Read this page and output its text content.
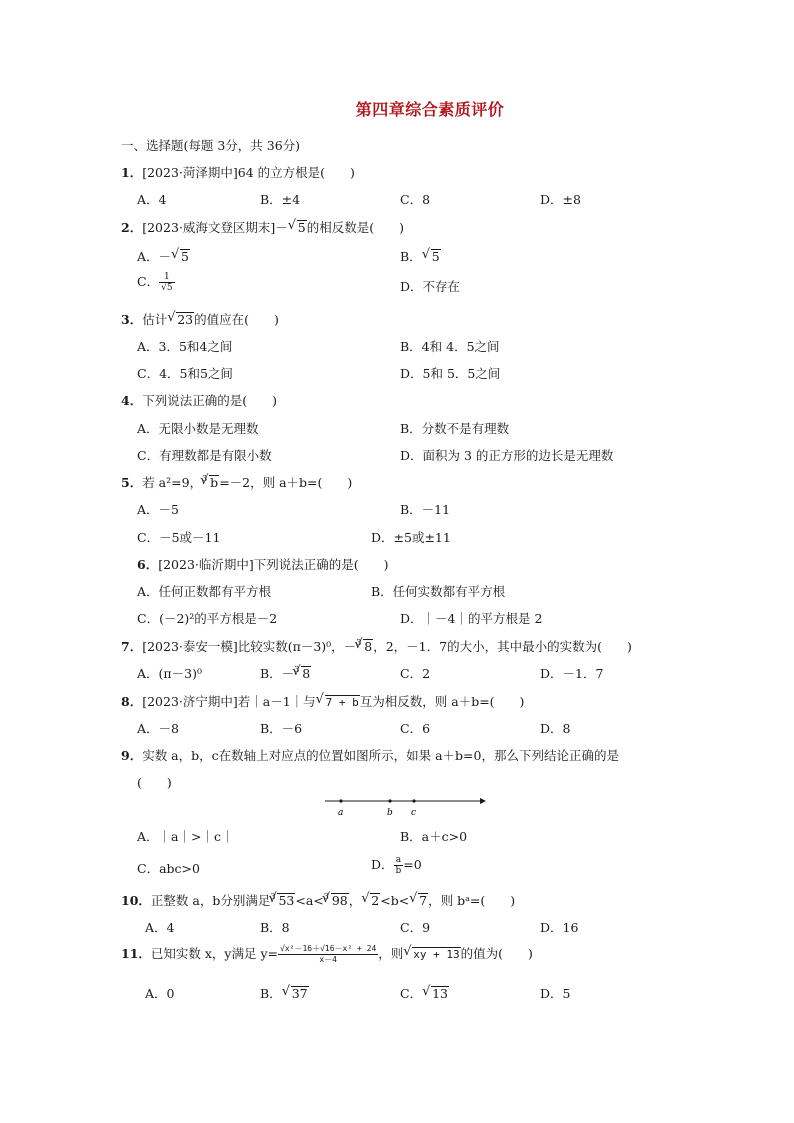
第四章综合素质评价
一、选择题(每题 3分，共 36分)
1．[2023·菏泽期中]64 的立方根是(　　)
A．4	B．±4	C．8	D．±8
2．[2023·威海文登区期末]－ √ 5的相反数是(　　)
A．－ √ 5	B． √ 5
C． $\frac{1}{√5}$	D．不存在
3．估计 √ 23的值应在(　　)
A．3．5和4之间	B．4和 4．5之间
C．4．5和5之间	D．5和 5．5之间
4．下列说法正确的是(　　)
A．无限小数是无理数	B．分数不是有理数
C．有理数都是有限小数	D．面积为 3 的正方形的边长是无理数
5．若 a²=9，$^3$ √ b=－2，则 a＋b=(　　)
A．－5	B．－11
C．－5或－11	D．±5或±11
6．[2023·临沂期中]下列说法正确的是(　　)
A．任何正数都有平方根	B．任何实数都有平方根
C．(－2)²的平方根是－2	D．｜－4｜的平方根是 2
7．[2023·泰安一模]比较实数(π－3)⁰，－$^3$ √ 8，2，－1．7的大小，其中最小的实数为(　　)
A．(π－3)⁰	B．－$^3$ √ 8	C．2	D．－1．7
8．[2023·济宁期中]若｜a－1｜与 √ 7 + b互为相反数，则 a＋b=(　　)
A．－8	B．－6	C．6	D．8
9．实数 a，b，c在数轴上对应点的位置如图所示，如果 a＋b=0，那么下列结论正确的是
(　　)
a	b c
A．｜a｜>｜c｜	B．a＋c>0
C．abc>0	D． $\frac{a}{b} =0$
10．正整数 a，b分别满足$^3$ √ 53<a<$^3$ √ 98， √ 2<b< √ 7，则 bᵃ=(　　)
A．4	B．8	C．9	D．16
11．已知实数 x，y满足 $y= \frac{\text{√x²－16＋√16－x² + 24}}{x-4}$ ，则 √ xy + 13的值为(　　)
A．0	B． √ 37	C． √ 13	D．5
